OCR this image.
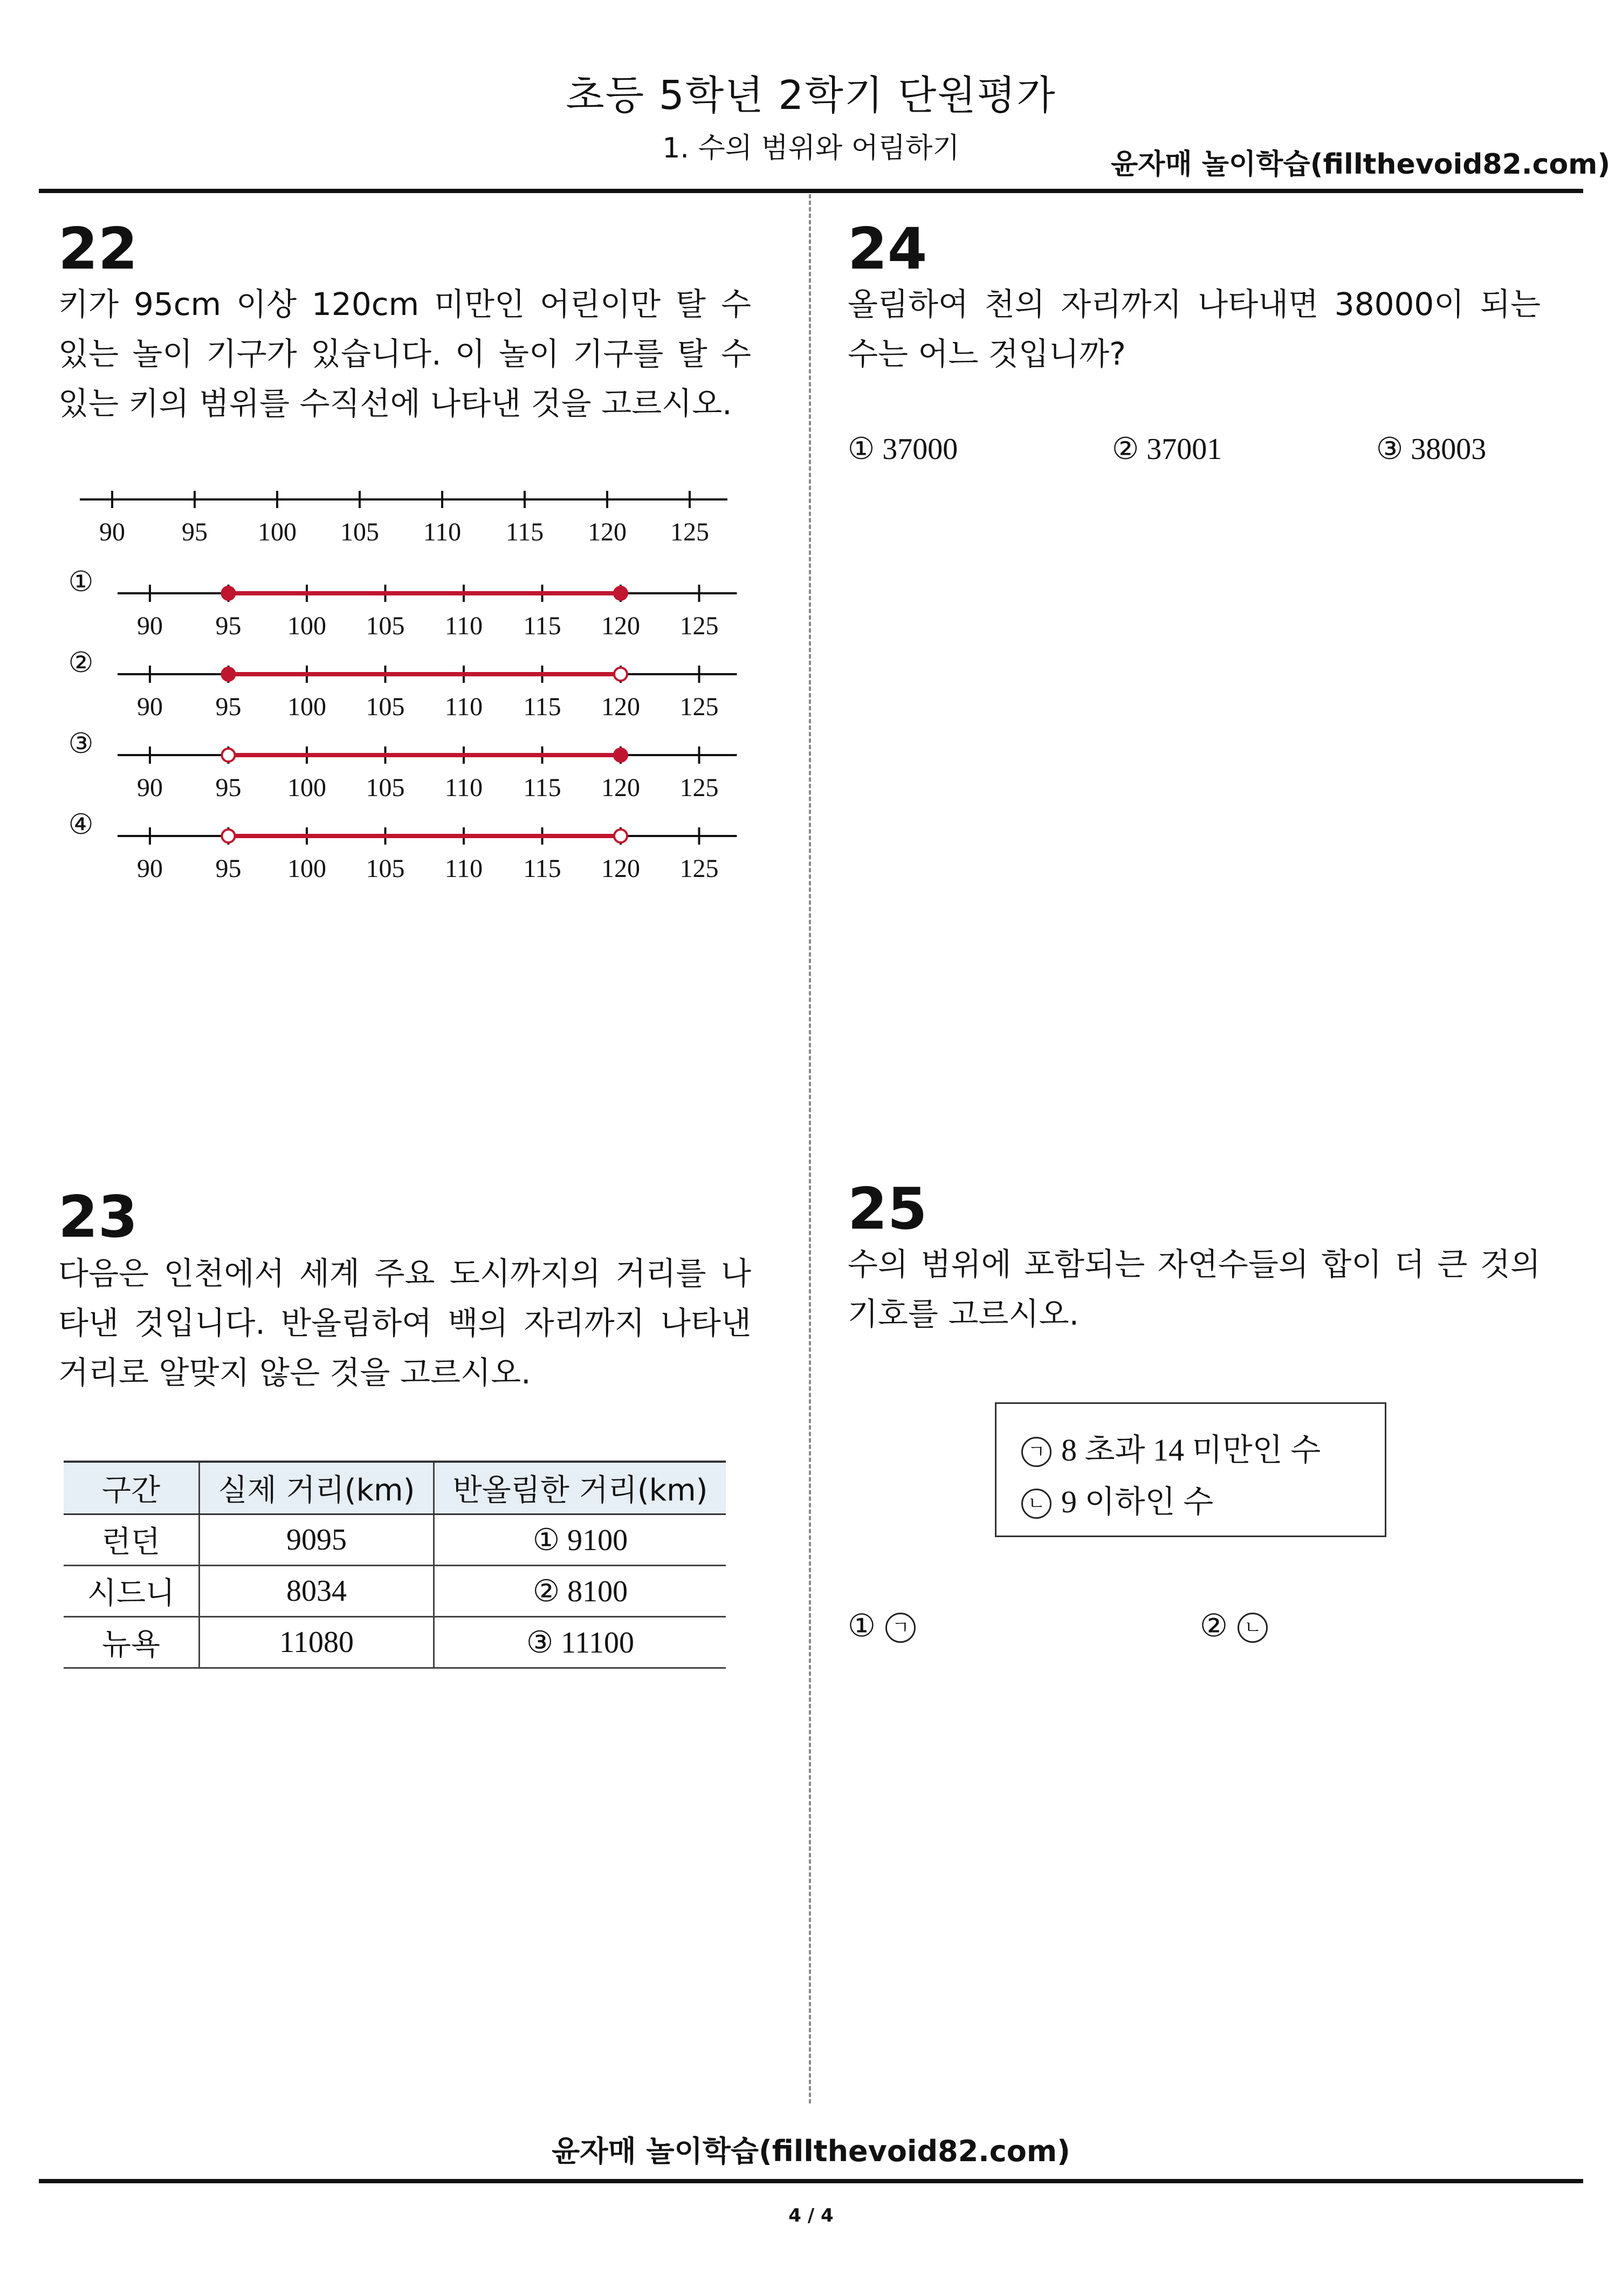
초등 5학년 2학기 단원평가
1. 수의 범위와 어림하기	윤자매 놀이학습(fillthevoid82.com)
22
키가 95cm 이상 120cm 미만인 어린이만 탈 수 있는 놀이 기구가 있습니다. 이 놀이 기구를 탈 수 있는 키의 범위를 수직선에 나타낸 것을 고르시오.
90 95 100 105 110 115 120 125
①
90 95 100 105 110 115 120 125
②
90 95 100 105 110 115 120 125
③
90 95 100 105 110 115 120 125
④
90 95 100 105 110 115 120 125
23
다음은 인천에서 세계 주요 도시까지의 거리를 나타낸 것입니다. 반올림하여 백의 자리까지 나타낸 거리로 알맞지 않은 것을 고르시오.
구간	실제 거리(km)	반올림한 거리(km)
런던	9095	① 9100
시드니	8034	② 8100
뉴욕	11080	③ 11100
24
올림하여 천의 자리까지 나타내면 38000이 되는 수는 어느 것입니까?
① 37000	② 37001	③ 38003
25
수의 범위에 포함되는 자연수들의 합이 더 큰 것의 기호를 고르시오.
ㄱ 8 초과 14 미만인 수
ㄴ 9 이하인 수
① ㄱ	② ㄴ
윤자매 놀이학습(fillthevoid82.com)
4 / 4
